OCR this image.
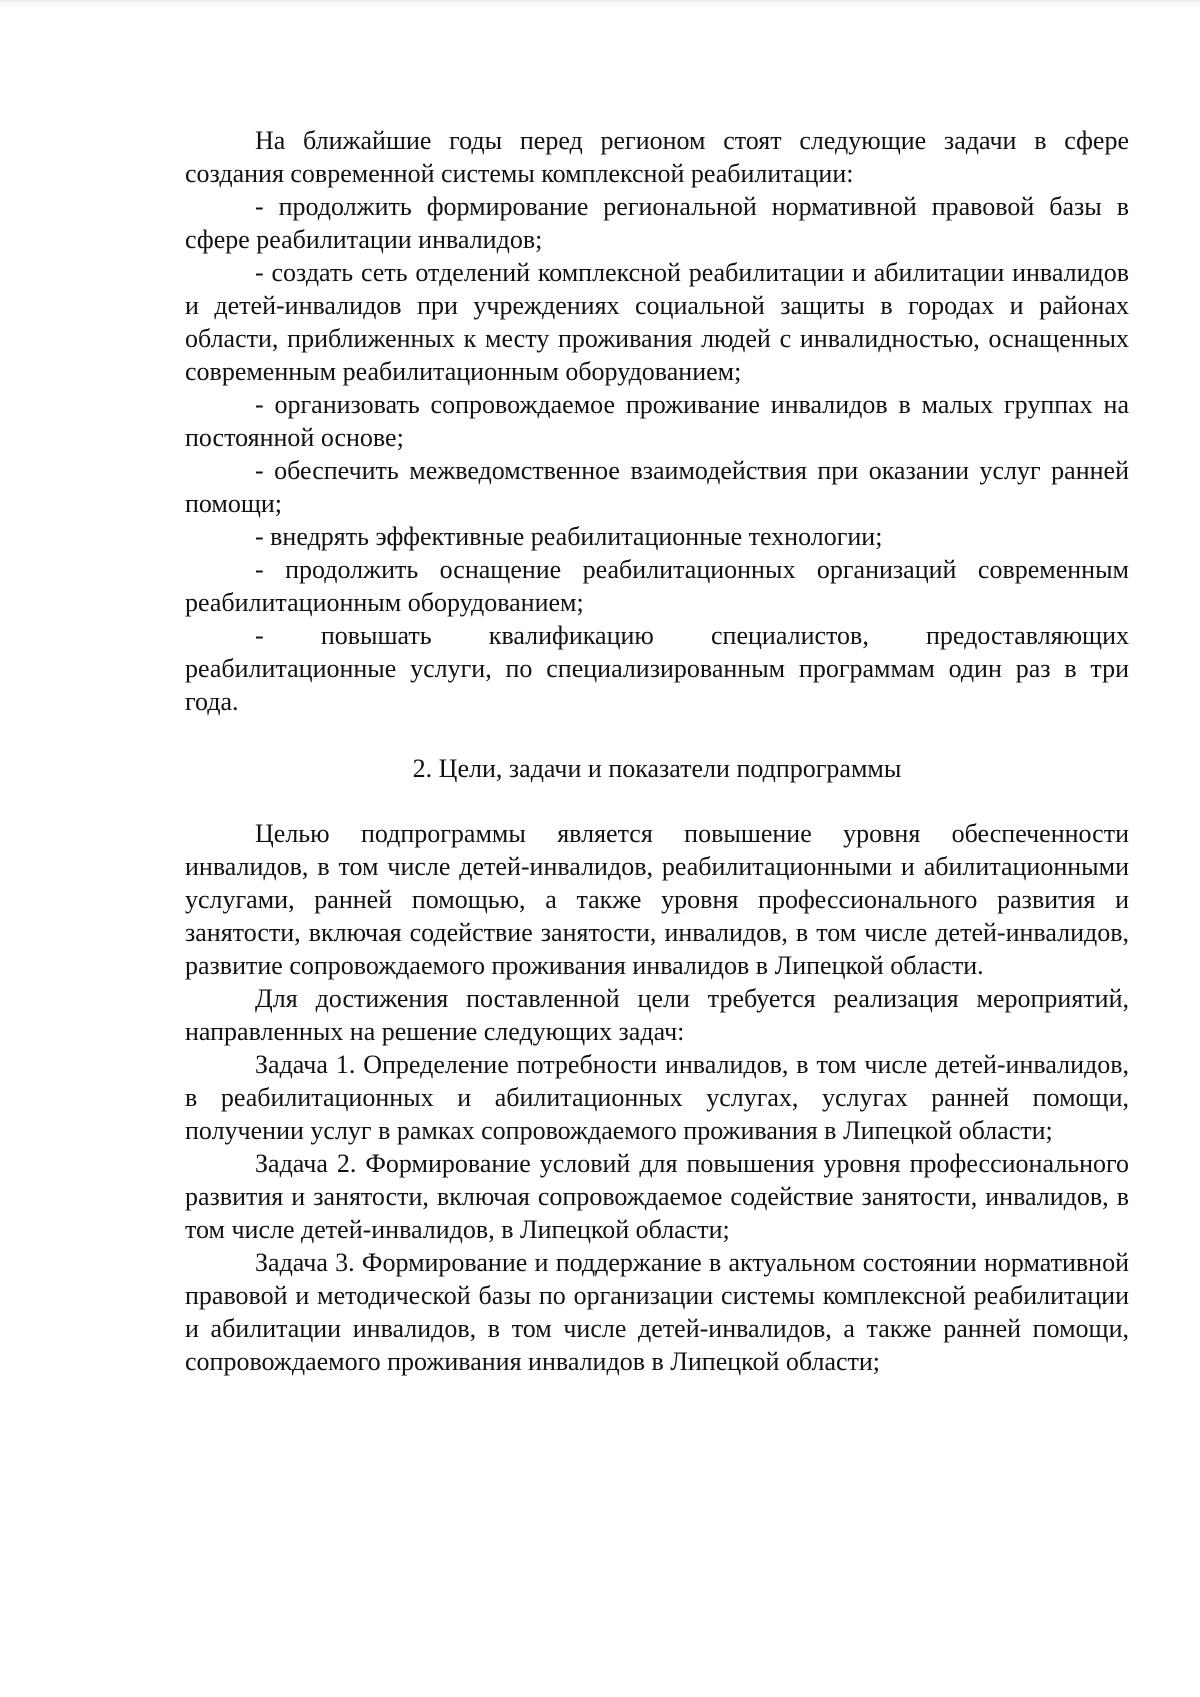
На ближайшие годы перед регионом стоят следующие задачи в сфере создания современной системы комплексной реабилитации:

- продолжить формирование региональной нормативной правовой базы в сфере реабилитации инвалидов;

- создать сеть отделений комплексной реабилитации и абилитации инвалидов и детей-инвалидов при учреждениях социальной защиты в городах и районах области, приближенных к месту проживания людей с инвалидностью, оснащенных современным реабилитационным оборудованием;

- организовать сопровождаемое проживание инвалидов в малых группах на постоянной основе;

- обеспечить межведомственное взаимодействия при оказании услуг ранней помощи;

- внедрять эффективные реабилитационные технологии;

- продолжить оснащение реабилитационных организаций современным реабилитационным оборудованием;

- повышать квалификацию специалистов, предоставляющих реабилитационные услуги, по специализированным программам один раз в три года.

2. Цели, задачи и показатели подпрограммы

Целью подпрограммы является повышение уровня обеспеченности инвалидов, в том числе детей-инвалидов, реабилитационными и абилитационными услугами, ранней помощью, а также уровня профессионального развития и занятости, включая содействие занятости, инвалидов, в том числе детей-инвалидов, развитие сопровождаемого проживания инвалидов в Липецкой области.

Для достижения поставленной цели требуется реализация мероприятий, направленных на решение следующих задач:

Задача 1. Определение потребности инвалидов, в том числе детей-инвалидов, в реабилитационных и абилитационных услугах, услугах ранней помощи, получении услуг в рамках сопровождаемого проживания в Липецкой области;

Задача 2. Формирование условий для повышения уровня профессионального развития и занятости, включая сопровождаемое содействие занятости, инвалидов, в том числе детей-инвалидов, в Липецкой области;

Задача 3. Формирование и поддержание в актуальном состоянии нормативной правовой и методической базы по организации системы комплексной реабилитации и абилитации инвалидов, в том числе детей-инвалидов, а также ранней помощи, сопровождаемого проживания инвалидов в Липецкой области;
